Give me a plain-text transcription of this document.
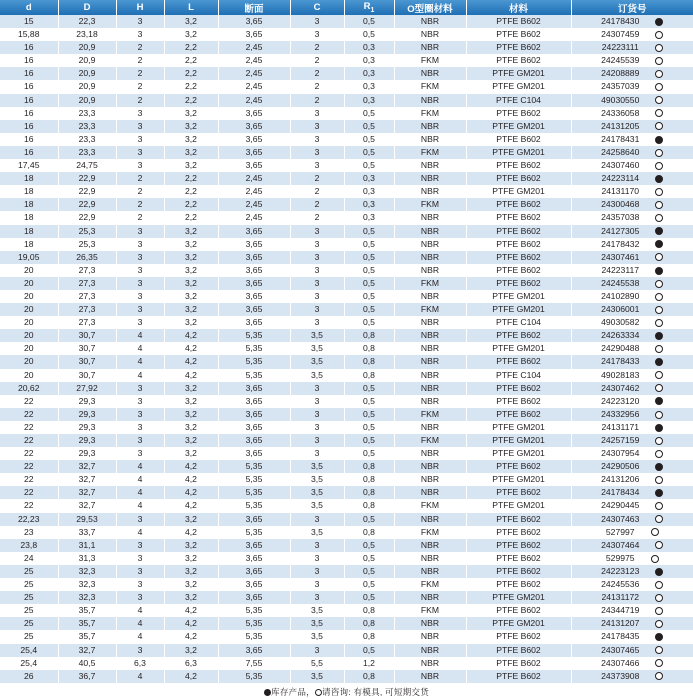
d	D	H	L	断面	C	$R_1$	O型圈材料	材料	订货号
15	22,3	3	3,2	3,65	3	0,5	NBR	PTFE B602	24178430
15,88	23,18	3	3,2	3,65	3	0,5	NBR	PTFE B602	24307459
16	20,9	2	2,2	2,45	2	0,3	NBR	PTFE B602	24223111
16	20,9	2	2,2	2,45	2	0,3	FKM	PTFE B602	24245539
16	20,9	2	2,2	2,45	2	0,3	NBR	PTFE GM201	24208889
16	20,9	2	2,2	2,45	2	0,3	FKM	PTFE GM201	24357039
16	20,9	2	2,2	2,45	2	0,3	NBR	PTFE C104	49030550
16	23,3	3	3,2	3,65	3	0,5	FKM	PTFE B602	24336058
16	23,3	3	3,2	3,65	3	0,5	NBR	PTFE GM201	24131205
16	23,3	3	3,2	3,65	3	0,5	NBR	PTFE B602	24178431
16	23,3	3	3,2	3,65	3	0,5	FKM	PTFE GM201	24258640
17,45	24,75	3	3,2	3,65	3	0,5	NBR	PTFE B602	24307460
18	22,9	2	2,2	2,45	2	0,3	NBR	PTFE B602	24223114
18	22,9	2	2,2	2,45	2	0,3	NBR	PTFE GM201	24131170
18	22,9	2	2,2	2,45	2	0,3	FKM	PTFE B602	24300468
18	22,9	2	2,2	2,45	2	0,3	NBR	PTFE B602	24357038
18	25,3	3	3,2	3,65	3	0,5	NBR	PTFE B602	24127305
18	25,3	3	3,2	3,65	3	0,5	NBR	PTFE B602	24178432
19,05	26,35	3	3,2	3,65	3	0,5	NBR	PTFE B602	24307461
20	27,3	3	3,2	3,65	3	0,5	NBR	PTFE B602	24223117
20	27,3	3	3,2	3,65	3	0,5	FKM	PTFE B602	24245538
20	27,3	3	3,2	3,65	3	0,5	NBR	PTFE GM201	24102890
20	27,3	3	3,2	3,65	3	0,5	FKM	PTFE GM201	24306001
20	27,3	3	3,2	3,65	3	0,5	NBR	PTFE C104	49030582
20	30,7	4	4,2	5,35	3,5	0,8	NBR	PTFE B602	24263334
20	30,7	4	4,2	5,35	3,5	0,8	NBR	PTFE GM201	24290488
20	30,7	4	4,2	5,35	3,5	0,8	NBR	PTFE B602	24178433
20	30,7	4	4,2	5,35	3,5	0,8	NBR	PTFE C104	49028183
20,62	27,92	3	3,2	3,65	3	0,5	NBR	PTFE B602	24307462
22	29,3	3	3,2	3,65	3	0,5	NBR	PTFE B602	24223120
22	29,3	3	3,2	3,65	3	0,5	FKM	PTFE B602	24332956
22	29,3	3	3,2	3,65	3	0,5	NBR	PTFE GM201	24131171
22	29,3	3	3,2	3,65	3	0,5	FKM	PTFE GM201	24257159
22	29,3	3	3,2	3,65	3	0,5	NBR	PTFE GM201	24307954
22	32,7	4	4,2	5,35	3,5	0,8	NBR	PTFE B602	24290506
22	32,7	4	4,2	5,35	3,5	0,8	NBR	PTFE GM201	24131206
22	32,7	4	4,2	5,35	3,5	0,8	NBR	PTFE B602	24178434
22	32,7	4	4,2	5,35	3,5	0,8	FKM	PTFE GM201	24290445
22,23	29,53	3	3,2	3,65	3	0,5	NBR	PTFE B602	24307463
23	33,7	4	4,2	5,35	3,5	0,8	FKM	PTFE B602	527997
23,8	31,1	3	3,2	3,65	3	0,5	NBR	PTFE B602	24307464
24	31,3	3	3,2	3,65	3	0,5	NBR	PTFE B602	529975
25	32,3	3	3,2	3,65	3	0,5	NBR	PTFE B602	24223123
25	32,3	3	3,2	3,65	3	0,5	FKM	PTFE B602	24245536
25	32,3	3	3,2	3,65	3	0,5	NBR	PTFE GM201	24131172
25	35,7	4	4,2	5,35	3,5	0,8	FKM	PTFE B602	24344719
25	35,7	4	4,2	5,35	3,5	0,8	NBR	PTFE GM201	24131207
25	35,7	4	4,2	5,35	3,5	0,8	NBR	PTFE B602	24178435
25,4	32,7	3	3,2	3,65	3	0,5	NBR	PTFE B602	24307465
25,4	40,5	6,3	6,3	7,55	5,5	1,2	NBR	PTFE B602	24307466
26	36,7	4	4,2	5,35	3,5	0,8	NBR	PTFE B602	24373908
库存产品， 请咨询: 有模具, 可短期交货
